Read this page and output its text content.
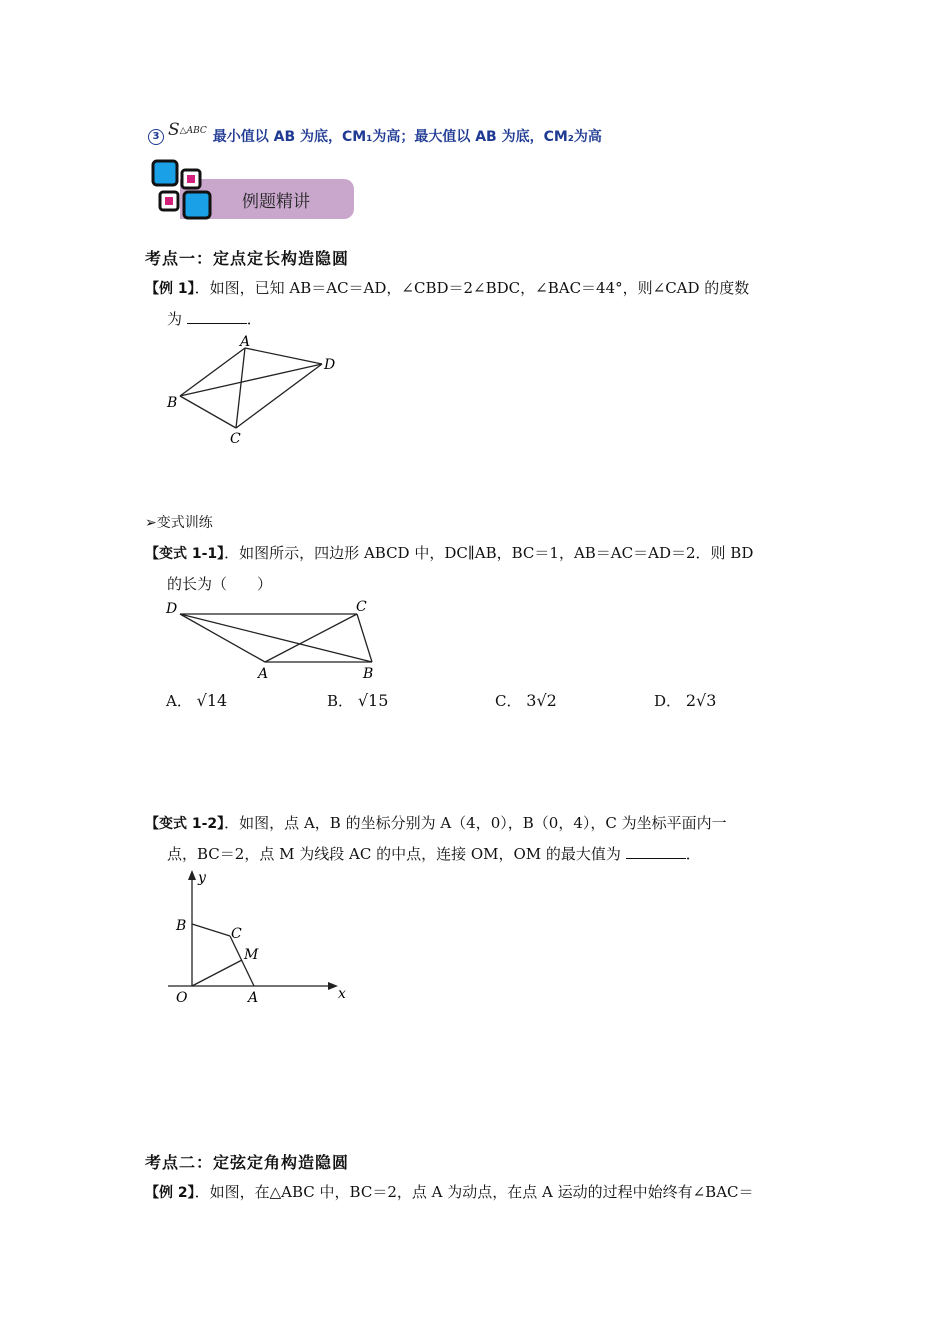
3 $S^{\triangle ABC}$ 最小值以 AB 为底，CM₁为高；最大值以 AB 为底，CM₂为高
例题精讲
考点一：定点定长构造隐圆
【例 1】．如图，已知 AB＝AC＝AD，∠CBD＝2∠BDC，∠BAC＝44°，则∠CAD 的度数
为	．
A
B
C
D
➢变式训练
【变式 1-1】．如图所示，四边形 ABCD 中，DC∥AB，BC＝1，AB＝AC＝AD＝2．则 BD
的长为（　　）
D	C
A	B
A． √14	B． √15	C． 3√2	D． 2√3
【变式 1-2】．如图，点 A，B 的坐标分别为 A（4，0），B（0，4），C 为坐标平面内一
点，BC＝2，点 M 为线段 AC 的中点，连接 OM，OM 的最大值为	．
y
x
O	A
B	C
M
考点二：定弦定角构造隐圆
【例 2】．如图，在△ABC 中，BC＝2，点 A 为动点，在点 A 运动的过程中始终有∠BAC＝
